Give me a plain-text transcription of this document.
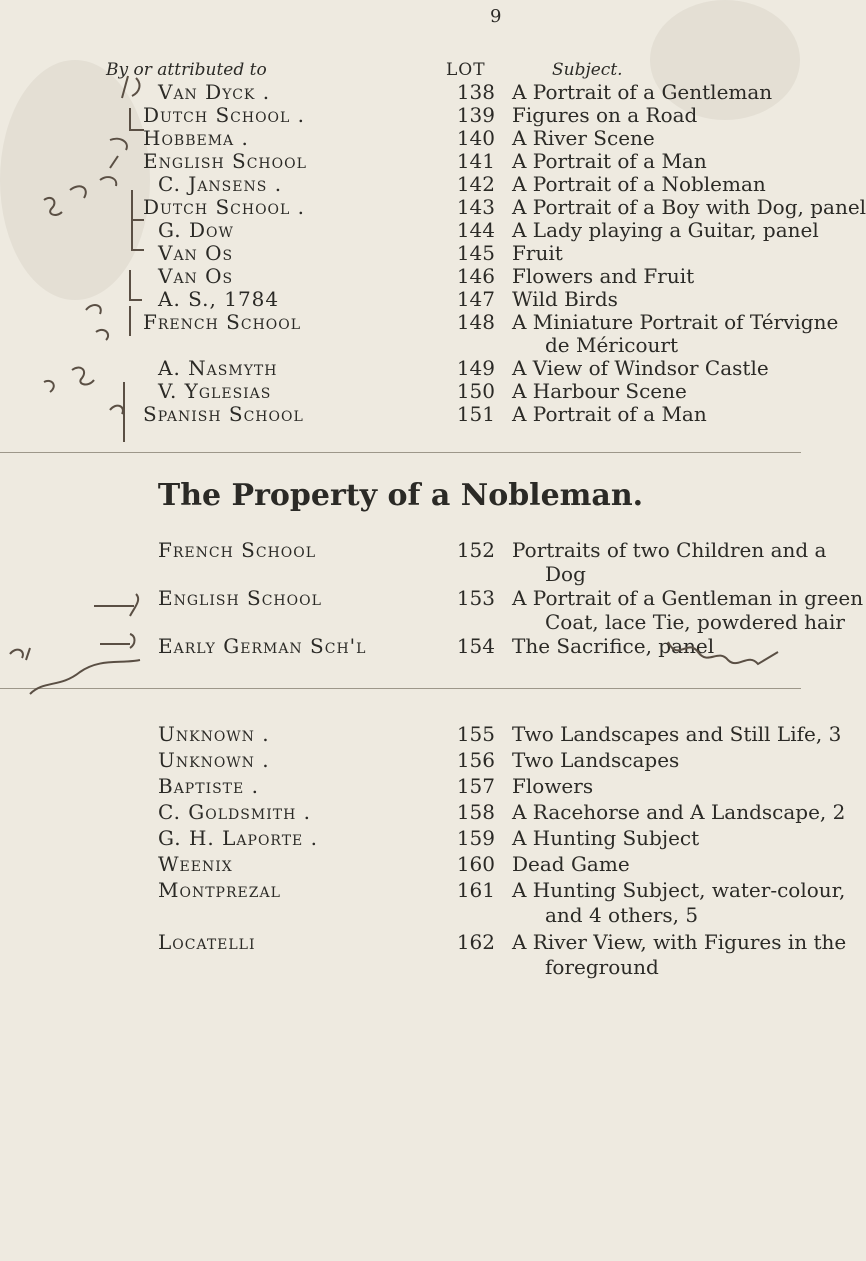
9
By or attributed to	LOT	Subject.
Van Dyck .	138 A Portrait of a Gentleman
Dutch School .	139 Figures on a Road
Hobbema .	140 A River Scene
English School	141 A Portrait of a Man
C. Jansens .	142 A Portrait of a Nobleman
Dutch School .	143 A Portrait of a Boy with Dog, panel
G. Dow	144 A Lady playing a Guitar, panel
Van Os	145 Fruit
Van Os	146 Flowers and Fruit
A. S., 1784	147 Wild Birds
French School	148 A Miniature Portrait of Térvigne
de Méricourt
A. Nasmyth	149 A View of Windsor Castle
V. Yglesias	150 A Harbour Scene
Spanish School	151 A Portrait of a Man
The Property of a Nobleman.
French School	152 Portraits of two Children and a
Dog
English School	153 A Portrait of a Gentleman in green
Coat, lace Tie, powdered hair
Early German Sch'l	154 The Sacrifice, panel
Unknown .	155 Two Landscapes and Still Life, 3
Unknown .	156 Two Landscapes
Baptiste .	157 Flowers
C. Goldsmith .	158 A Racehorse and A Landscape, 2
G. H. Laporte .	159 A Hunting Subject
Weenix	160 Dead Game
Montprezal	161 A Hunting Subject, water-colour,
and 4 others, 5
Locatelli	162 A River View, with Figures in the
foreground
